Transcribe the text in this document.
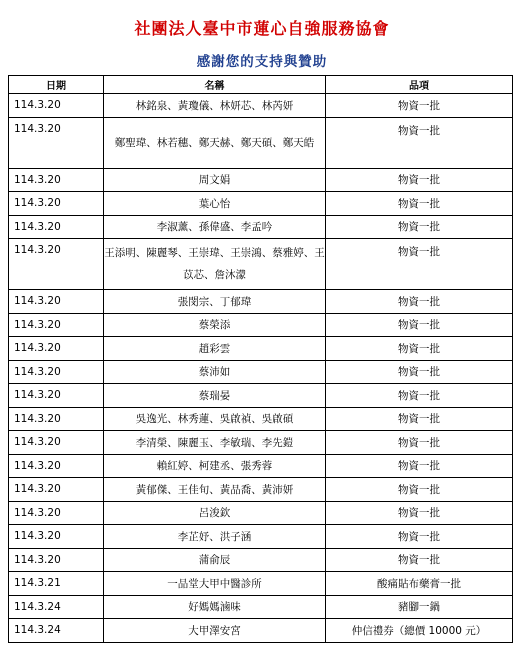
社團法人臺中市蓮心自強服務協會
感謝您的支持與贊助
日期	名稱	品項
114.3.20	林銘泉、黃瓊儀、林妍芯、林芮妍	物資一批
114.3.20	鄭聖瑋、林若穗、鄭天赫、鄭天碩、鄭天皓	物資一批
114.3.20	周文娟	物資一批
114.3.20	葉心怡	物資一批
114.3.20	李淑薰、孫偉盛、李孟吟	物資一批
114.3.20	王添明、陳麗琴、王崇瑋、王崇鴻、蔡雅婷、王苡芯、詹沐濛	物資一批
114.3.20	張閔宗、丁郁瑋	物資一批
114.3.20	蔡榮添	物資一批
114.3.20	趙彩雲	物資一批
114.3.20	蔡沛如	物資一批
114.3.20	蔡瑞晏	物資一批
114.3.20	吳逸光、林秀蓮、吳啟禎、吳啟碩	物資一批
114.3.20	李清榮、陳麗玉、李敏瑞、李先鎧	物資一批
114.3.20	賴紅婷、柯建丞、張秀蓉	物資一批
114.3.20	黃郁傑、王佳旬、黃品喬、黃沛妍	物資一批
114.3.20	呂浚欽	物資一批
114.3.20	李芷妤、洪子涵	物資一批
114.3.20	蒲俞辰	物資一批
114.3.21	一品堂大甲中醫診所	酸痛貼布藥膏一批
114.3.24	好媽媽滷味	豬腳一鍋
114.3.24	大甲澤安宮	仲信禮券（總價 10000 元）
